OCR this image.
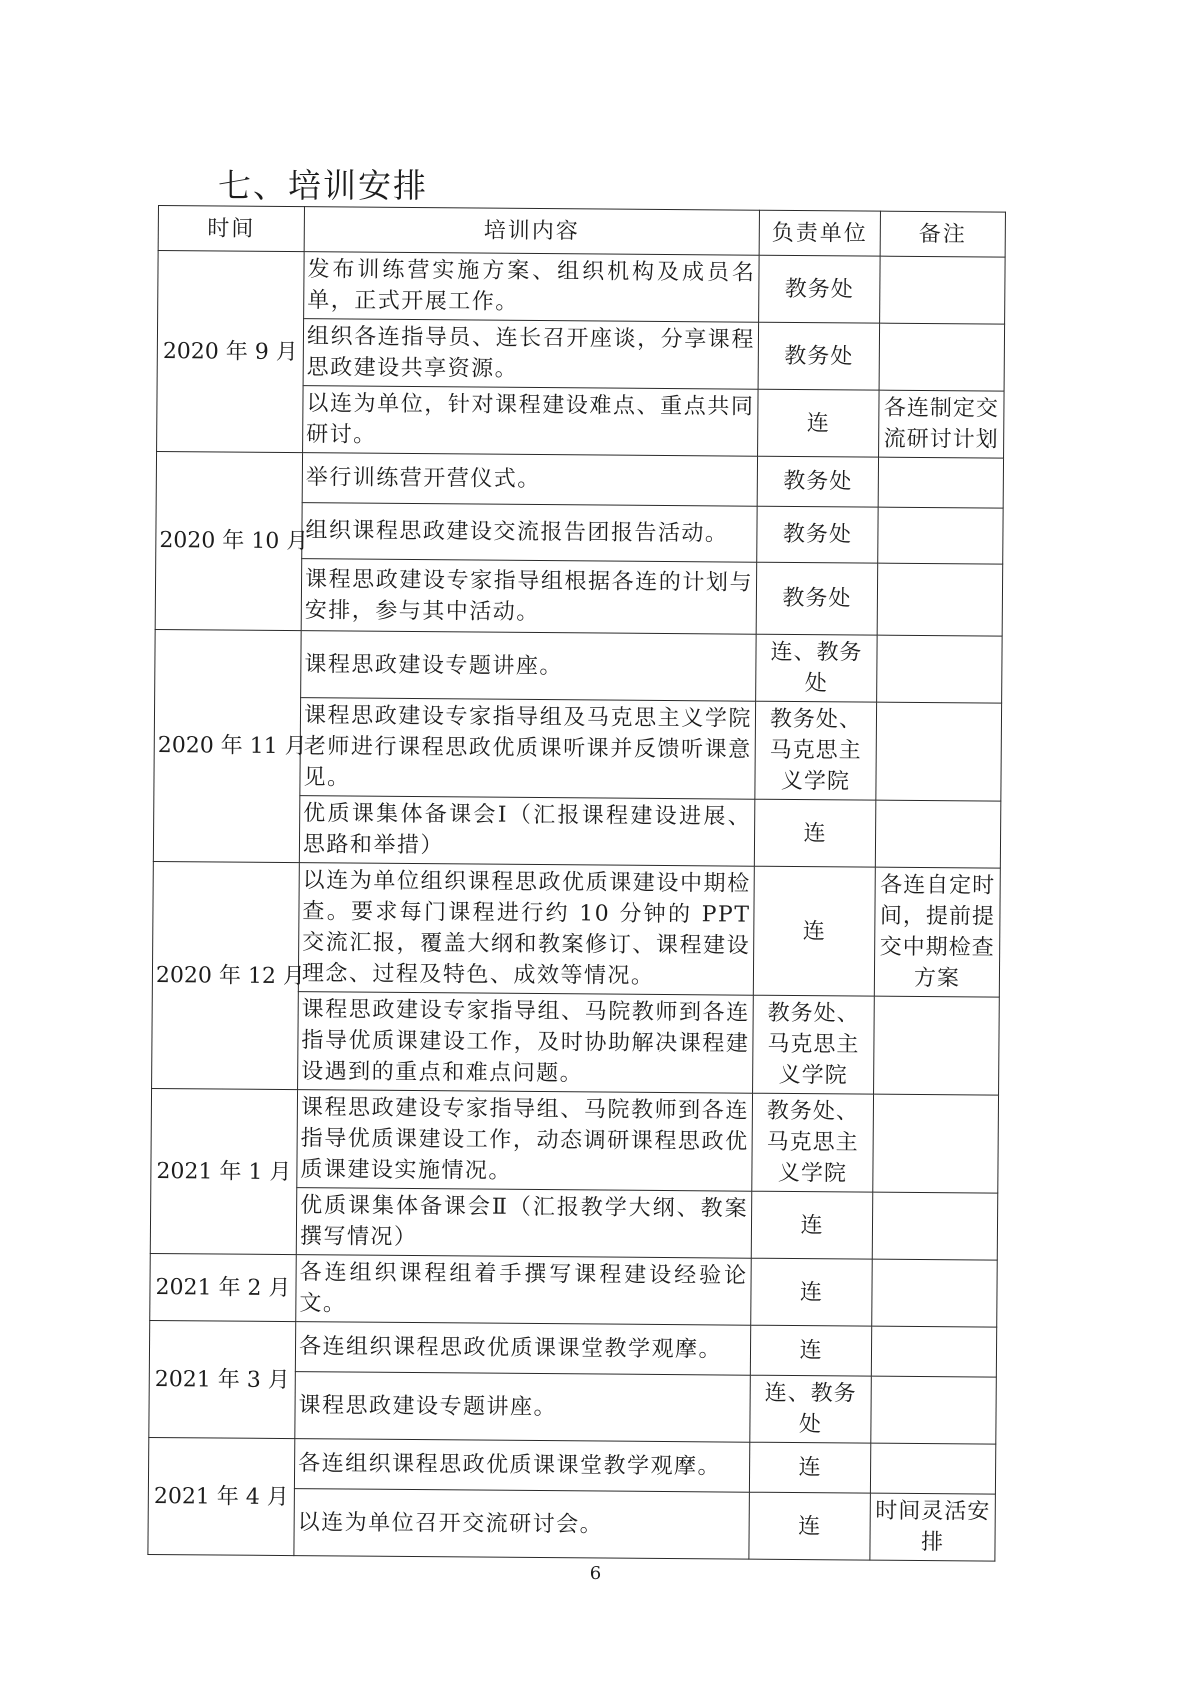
七、培训安排
时间	培训内容	负责单位	备注
2020 年 9 月	发布训练营实施方案、组织机构及成员名单，正式开展工作。	教务处	
	组织各连指导员、连长召开座谈，分享课程思政建设共享资源。	教务处	
	以连为单位，针对课程建设难点、重点共同研讨。	连	各连制定交流研讨计划
2020 年 10 月	举行训练营开营仪式。	教务处	
	组织课程思政建设交流报告团报告活动。	教务处	
	课程思政建设专家指导组根据各连的计划与安排，参与其中活动。	教务处	
2020 年 11 月	课程思政建设专题讲座。	连、教务处	
	课程思政建设专家指导组及马克思主义学院老师进行课程思政优质课听课并反馈听课意见。	教务处、马克思主义学院	
	优质课集体备课会Ⅰ（汇报课程建设进展、思路和举措）	连	
2020 年 12 月	以连为单位组织课程思政优质课建设中期检查。要求每门课程进行约 10 分钟的 PPT 交流汇报，覆盖大纲和教案修订、课程建设理念、过程及特色、成效等情况。	连	各连自定时间，提前提交中期检查方案
	课程思政建设专家指导组、马院教师到各连指导优质课建设工作，及时协助解决课程建设遇到的重点和难点问题。	教务处、马克思主义学院	
2021 年 1 月	课程思政建设专家指导组、马院教师到各连指导优质课建设工作，动态调研课程思政优质课建设实施情况。	教务处、马克思主义学院	
	优质课集体备课会Ⅱ（汇报教学大纲、教案撰写情况）	连	
2021 年 2 月	各连组织课程组着手撰写课程建设经验论文。	连	
2021 年 3 月	各连组织课程思政优质课课堂教学观摩。	连	
	课程思政建设专题讲座。	连、教务处	
2021 年 4 月	各连组织课程思政优质课课堂教学观摩。	连	
	以连为单位召开交流研讨会。	连	时间灵活安排
6
